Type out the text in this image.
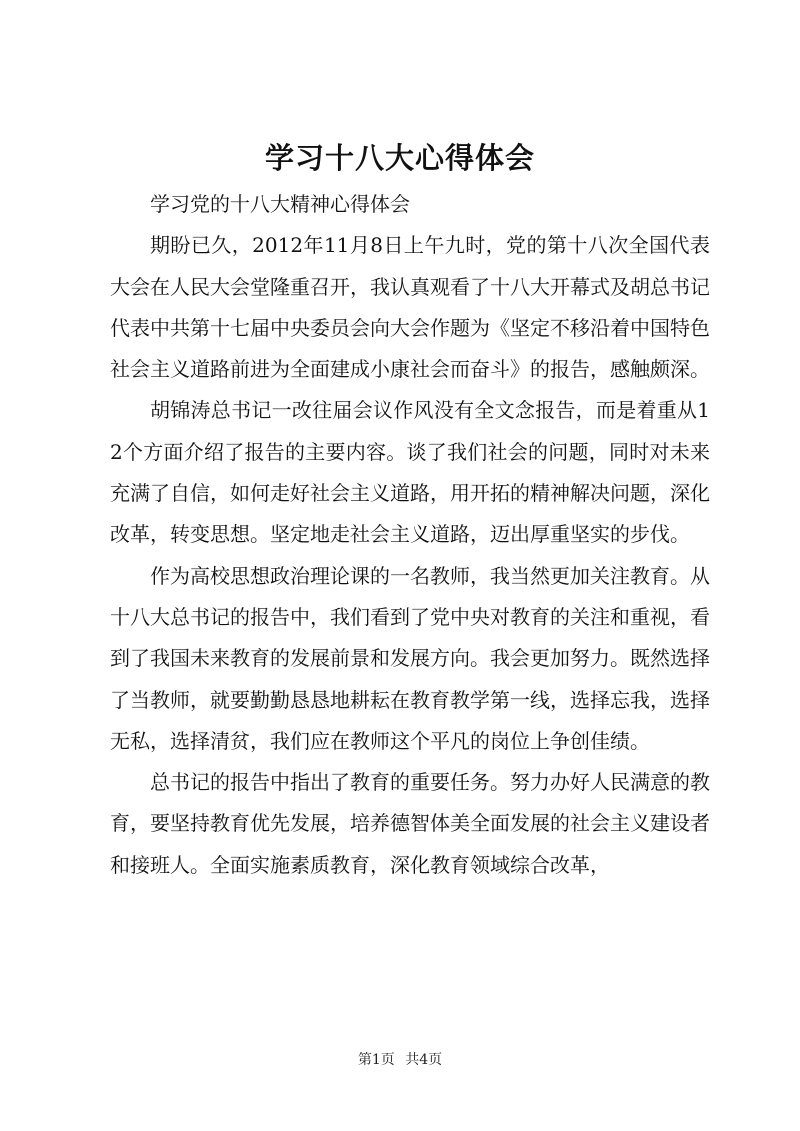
学习十八大心得体会

学习党的十八大精神心得体会

期盼已久，2012年11月8日上午九时，党的第十八次全国代表大会在人民大会堂隆重召开，我认真观看了十八大开幕式及胡总书记代表中共第十七届中央委员会向大会作题为《坚定不移沿着中国特色社会主义道路前进为全面建成小康社会而奋斗》的报告，感触颇深。

胡锦涛总书记一改往届会议作风没有全文念报告，而是着重从12个方面介绍了报告的主要内容。谈了我们社会的问题，同时对未来充满了自信，如何走好社会主义道路，用开拓的精神解决问题，深化改革，转变思想。坚定地走社会主义道路，迈出厚重坚实的步伐。

作为高校思想政治理论课的一名教师，我当然更加关注教育。从十八大总书记的报告中，我们看到了党中央对教育的关注和重视，看到了我国未来教育的发展前景和发展方向。我会更加努力。既然选择了当教师，就要勤勤恳恳地耕耘在教育教学第一线，选择忘我，选择无私，选择清贫，我们应在教师这个平凡的岗位上争创佳绩。

总书记的报告中指出了教育的重要任务。努力办好人民满意的教育，要坚持教育优先发展，培养德智体美全面发展的社会主义建设者和接班人。全面实施素质教育，深化教育领域综合改革，

第1页 共4页
